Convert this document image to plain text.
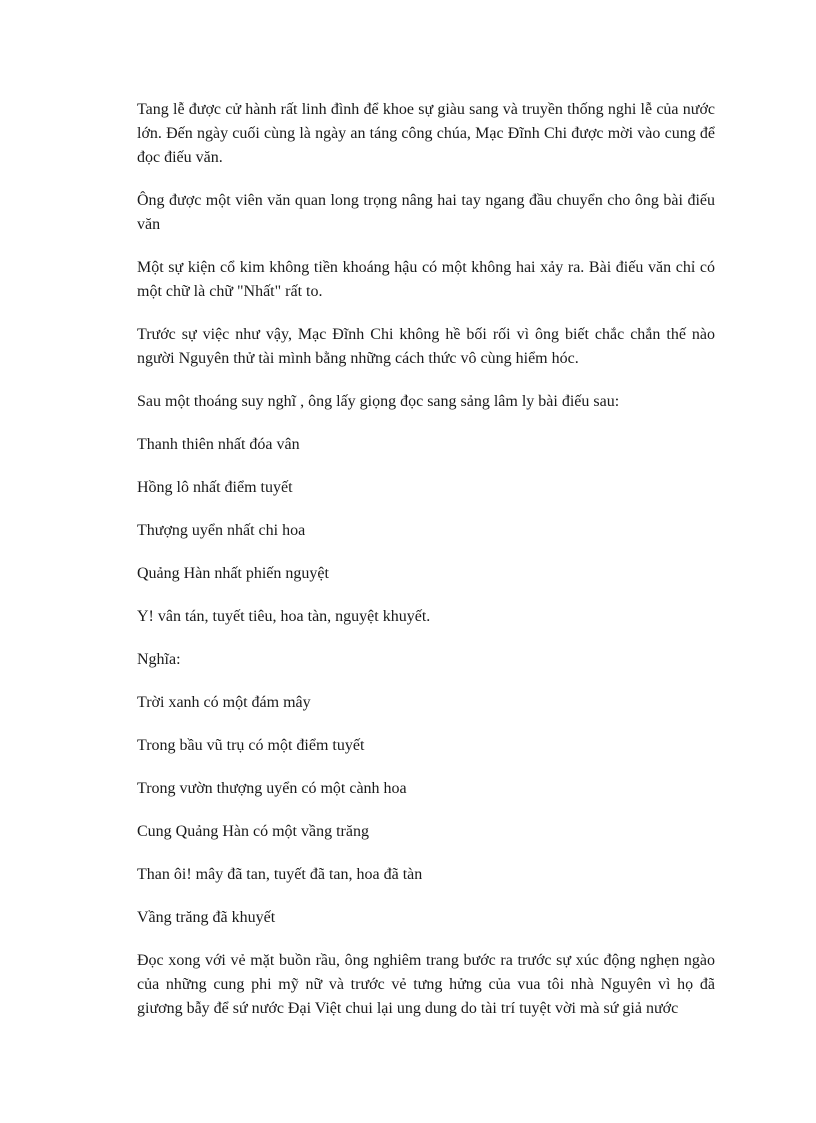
Tang lễ được cử hành rất linh đình để khoe sự giàu sang và truyền thống nghi lễ của nước lớn. Đến ngày cuối cùng là ngày an táng công chúa, Mạc Đĩnh Chi được mời vào cung để đọc điếu văn.

Ông được một viên văn quan long trọng nâng hai tay ngang đầu chuyển cho ông bài điếu văn

Một sự kiện cổ kim không tiền khoáng hậu có một không hai xảy ra. Bài điếu văn chỉ có một chữ là chữ "Nhất" rất to.

Trước sự việc như vậy, Mạc Đĩnh Chi không hề bối rối vì ông biết chắc chắn thế nào người Nguyên thử tài mình bằng những cách thức vô cùng hiểm hóc.

Sau một thoáng suy nghĩ , ông lấy giọng đọc sang sảng lâm ly bài điếu sau:

Thanh thiên nhất đóa vân

Hồng lô nhất điểm tuyết

Thượng uyển nhất chi hoa

Quảng Hàn nhất phiến nguyệt

Y! vân tán, tuyết tiêu, hoa tàn, nguyệt khuyết.

Nghĩa:

Trời xanh có một đám mây

Trong bầu vũ trụ có một điểm tuyết

Trong vườn thượng uyển có một cành hoa

Cung Quảng Hàn có một vầng trăng

Than ôi! mây đã tan, tuyết đã tan, hoa đã tàn

Vầng trăng đã khuyết

Đọc xong với vẻ mặt buồn rầu, ông nghiêm trang bước ra trước sự xúc động nghẹn ngào của những cung phi mỹ nữ và trước vẻ tưng hửng của vua tôi nhà Nguyên vì họ đã giương bẫy để sứ nước Đại Việt chui lại ung dung do tài trí tuyệt vời mà sứ giả nước
